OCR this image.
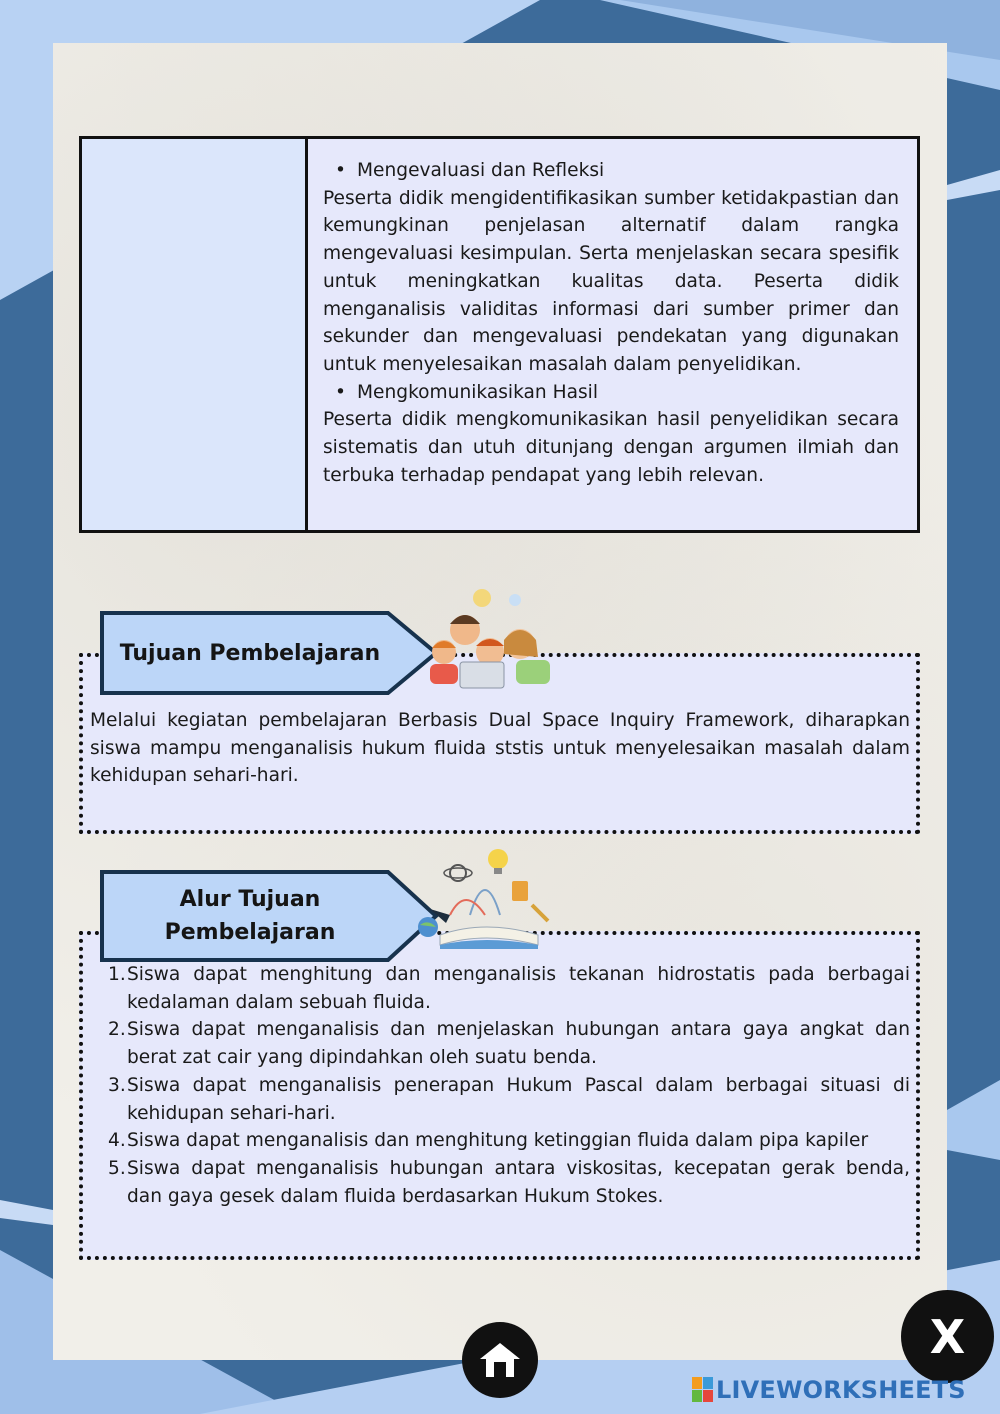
• Mengevaluasi dan Refleksi

Peserta didik mengidentifikasikan sumber ketidakpastian dan kemungkinan penjelasan alternatif dalam rangka mengevaluasi kesimpulan. Serta menjelaskan secara spesifik untuk meningkatkan kualitas data. Peserta didik menganalisis validitas informasi dari sumber primer dan sekunder dan mengevaluasi pendekatan yang digunakan untuk menyelesaikan masalah dalam penyelidikan.

• Mengkomunikasikan Hasil

Peserta didik mengkomunikasikan hasil penyelidikan secara sistematis dan utuh ditunjang dengan argumen ilmiah dan terbuka terhadap pendapat yang lebih relevan.

Melalui kegiatan pembelajaran Berbasis Dual Space Inquiry Framework, diharapkan siswa mampu menganalisis hukum fluida ststis untuk menyelesaikan masalah dalam kehidupan sehari-hari.

Tujuan Pembelajaran
1. Siswa dapat menghitung dan menganalisis tekanan hidrostatis pada berbagai kedalaman dalam sebuah fluida.
2. Siswa dapat menganalisis dan menjelaskan hubungan antara gaya angkat dan berat zat cair yang dipindahkan oleh suatu benda.
3. Siswa dapat menganalisis penerapan Hukum Pascal dalam berbagai situasi di kehidupan sehari-hari.
4. Siswa dapat menganalisis dan menghitung ketinggian fluida dalam pipa kapiler
5. Siswa dapat menganalisis hubungan antara viskositas, kecepatan gerak benda, dan gaya gesek dalam fluida berdasarkan Hukum Stokes.
Alur Tujuan Pembelajaran
X
LIVEWORKSHEETS
